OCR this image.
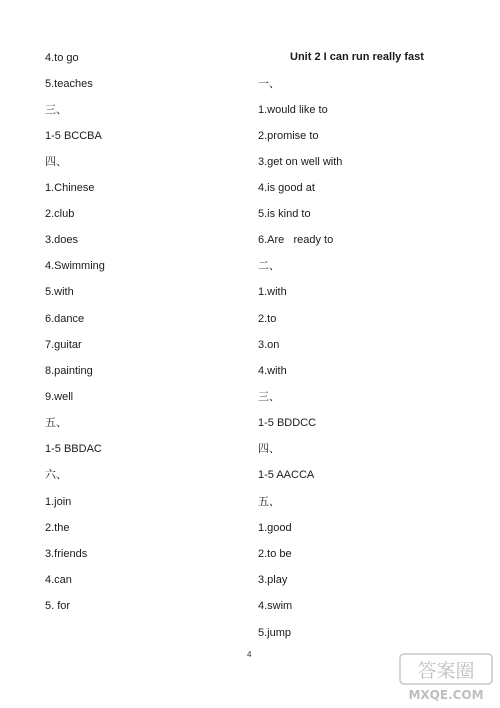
4.to go
5.teaches
三、
1-5 BCCBA
四、
1.Chinese
2.club
3.does
4.Swimming
5.with
6.dance
7.guitar
8.painting
9.well
五、
1-5 BBDAC
六、
1.join
2.the
3.friends
4.can
5. for
Unit 2 I can run really fast
一、
1.would like to
2.promise to
3.get on well with
4.is good at
5.is kind to
6.Are   ready to
二、
1.with
2.to
3.on
4.with
三、
1-5 BDDCC
四、
1-5 AACCA
五、
1.good
2.to be
3.play
4.swim
5.jump
4
答案圈
MXQE.COM
